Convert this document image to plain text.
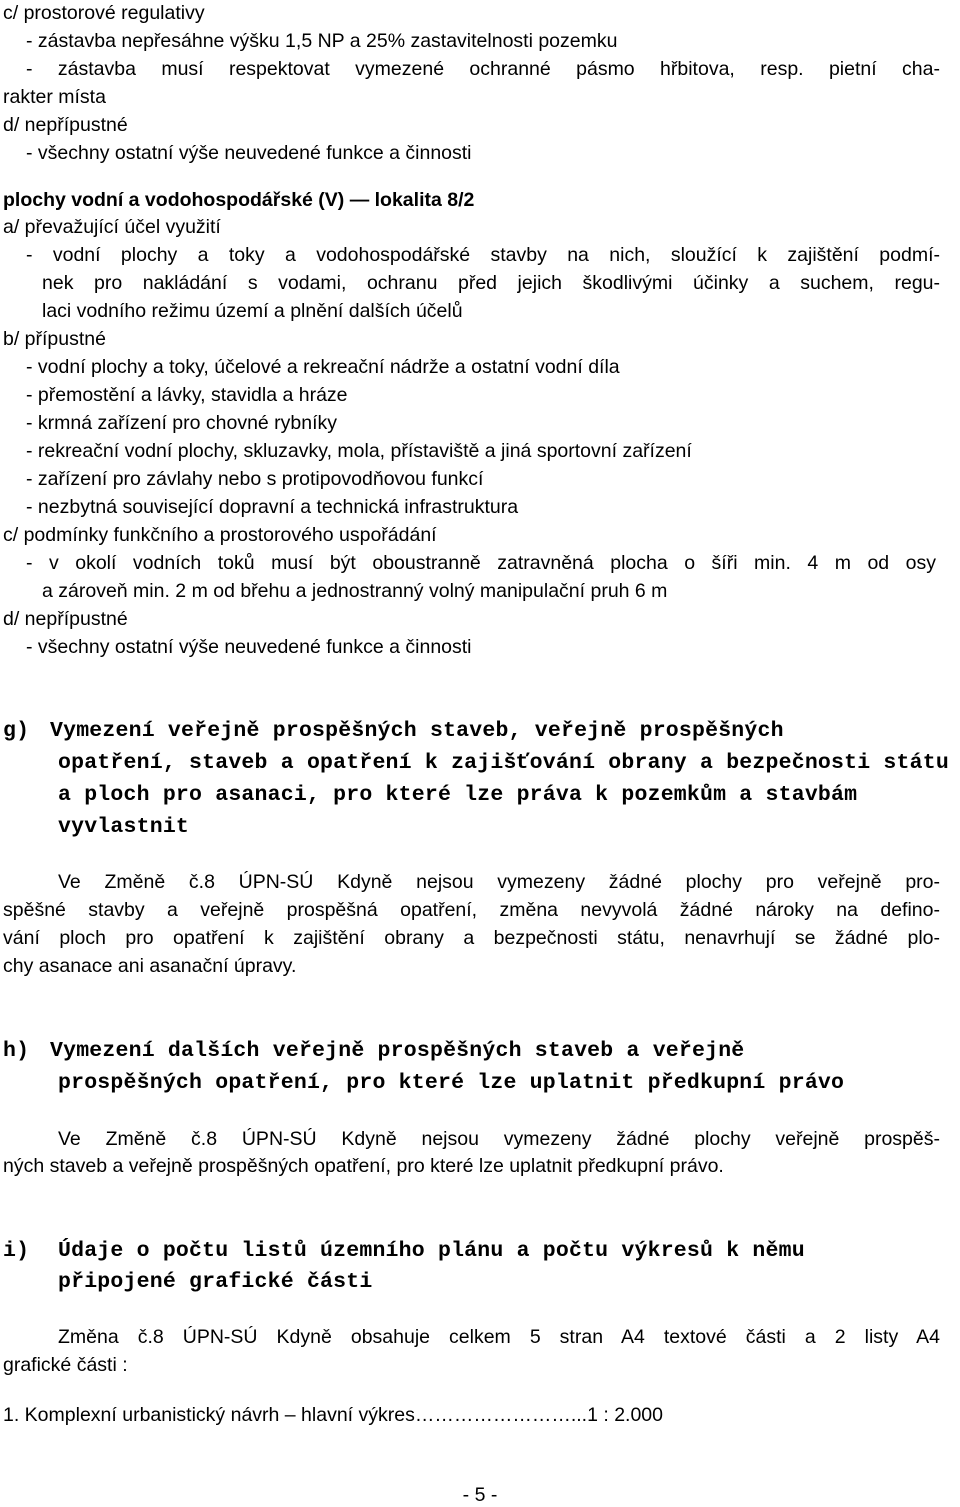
c/ prostorové regulativy
- zástavba nepřesáhne výšku 1,5 NP a 25% zastavitelnosti pozemku
- zástavba musí respektovat vymezené ochranné pásmo hřbitova, resp. pietní cha-
rakter místa
d/ nepřípustné
- všechny ostatní výše neuvedené funkce a činnosti
plochy vodní a vodohospodářské (V) — lokalita 8/2
a/ převažující účel využití
- vodní plochy a toky a vodohospodářské stavby na nich, sloužící k zajištění podmí-
nek pro nakládání s vodami, ochranu před jejich škodlivými účinky a suchem, regu-
laci vodního režimu území a plnění dalších účelů
b/ přípustné
- vodní plochy a toky, účelové a rekreační nádrže a ostatní vodní díla
- přemostění a lávky, stavidla a hráze
- krmná zařízení pro chovné rybníky
- rekreační vodní plochy, skluzavky, mola, přístaviště a jiná sportovní zařízení
- zařízení pro závlahy nebo s protipovodňovou funkcí
- nezbytná související dopravní a technická infrastruktura
c/ podmínky funkčního a prostorového uspořádání
- v okolí vodních toků musí být oboustranně zatravněná plocha o šíři min. 4 m od osy
a zároveň min. 2 m od břehu a jednostranný volný manipulační pruh 6 m
d/ nepřípustné
- všechny ostatní výše neuvedené funkce a činnosti
g) Vymezení veřejně prospěšných staveb, veřejně prospěšných
opatření, staveb a opatření k zajišťování obrany a bezpečnosti státu
a ploch pro asanaci, pro které lze práva k pozemkům a stavbám
vyvlastnit
Ve Změně č.8 ÚPN-SÚ Kdyně nejsou vymezeny žádné plochy pro veřejně pro-
spěšné stavby a veřejně prospěšná opatření, změna nevyvolá žádné nároky na defino-
vání ploch pro opatření k zajištění obrany a bezpečnosti státu, nenavrhují se žádné plo-
chy asanace ani asanační úpravy.
h) Vymezení dalších veřejně prospěšných staveb a veřejně
prospěšných opatření, pro které lze uplatnit předkupní právo
Ve Změně č.8 ÚPN-SÚ Kdyně nejsou vymezeny žádné plochy veřejně prospěš-
ných staveb a veřejně prospěšných opatření, pro které lze uplatnit předkupní právo.
i) Údaje o počtu listů územního plánu a počtu výkresů k němu
připojené grafické části
Změna č.8 ÚPN-SÚ Kdyně obsahuje celkem 5 stran A4 textové části a 2 listy A4
grafické části :
1. Komplexní urbanistický návrh – hlavní výkres……………………...1 : 2.000
- 5 -
